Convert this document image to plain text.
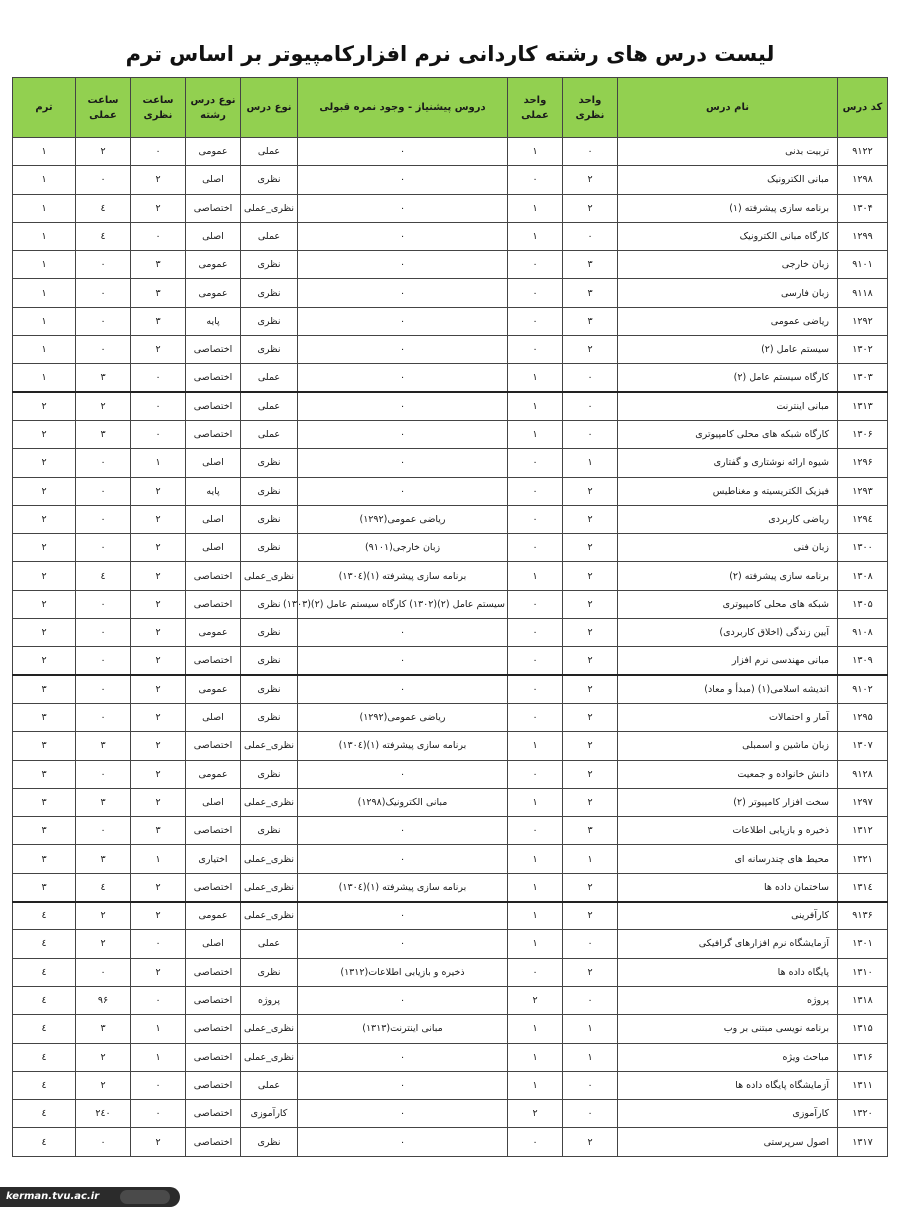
لیست درس های رشته کاردانی نرم افزارکامپیوتر بر اساس ترم
کد درس	نام درس	واحد نظری	واحد عملی	دروس پیشنیاز - وجود نمره قبولی	نوع درس	نوع درس رشته	ساعت نظری	ساعت عملی	ترم
۹۱۲۲	تربیت بدنی	۰	۱	۰	عملی	عمومی	۰	۲	۱
۱۲۹۸	مبانی الکترونیک	۲	۰	۰	نظری	اصلی	۲	۰	۱
۱۳۰۴	برنامه سازی پیشرفته (۱)	۲	۱	۰	نظری_عملی	اختصاصی	۲	٤	۱
۱۲۹۹	کارگاه مبانی الکترونیک	۰	۱	۰	عملی	اصلی	۰	٤	۱
۹۱۰۱	زبان خارجی	۳	۰	۰	نظری	عمومی	۳	۰	۱
۹۱۱۸	زبان فارسی	۳	۰	۰	نظری	عمومی	۳	۰	۱
۱۲۹۲	ریاضی عمومی	۳	۰	۰	نظری	پایه	۳	۰	۱
۱۳۰۲	سیستم عامل (۲)	۲	۰	۰	نظری	اختصاصی	۲	۰	۱
۱۳۰۳	کارگاه سیستم عامل (۲)	۰	۱	۰	عملی	اختصاصی	۰	۳	۱
۱۳۱۳	مبانی اینترنت	۰	۱	۰	عملی	اختصاصی	۰	۲	۲
۱۳۰۶	کارگاه شبکه های محلی کامپیوتری	۰	۱	۰	عملی	اختصاصی	۰	۳	۲
۱۲۹۶	شیوه ارائه نوشتاری و گفتاری	۱	۰	۰	نظری	اصلی	۱	۰	۲
۱۲۹۳	فیزیک الکتریسیته و مغناطیس	۲	۰	۰	نظری	پایه	۲	۰	۲
۱۲۹٤	ریاضی کاربردی	۲	۰	ریاضی عمومی(۱۲۹۲)	نظری	اصلی	۲	۰	۲
۱۳۰۰	زبان فنی	۲	۰	زبان خارجی(۹۱۰۱)	نظری	اصلی	۲	۰	۲
۱۳۰۸	برنامه سازی پیشرفته (۲)	۲	۱	برنامه سازی پیشرفته (۱)(۱۳۰٤)	نظری_عملی	اختصاصی	۲	٤	۲
۱۳۰۵	شبکه های محلی کامپیوتری	۲	۰	سیستم عامل (۲)(۱۳۰۲) کارگاه سیستم عامل (۲)(۱۳۰۳)	نظری	اختصاصی	۲	۰	۲
۹۱۰۸	آیین زندگی (اخلاق کاربردی)	۲	۰	۰	نظری	عمومی	۲	۰	۲
۱۳۰۹	مبانی مهندسی نرم افزار	۲	۰	۰	نظری	اختصاصی	۲	۰	۲
۹۱۰۲	اندیشه اسلامی(۱) (مبدأ و معاد)	۲	۰	۰	نظری	عمومی	۲	۰	۳
۱۲۹۵	آمار و احتمالات	۲	۰	ریاضی عمومی(۱۲۹۲)	نظری	اصلی	۲	۰	۳
۱۳۰۷	زبان ماشین و اسمبلی	۲	۱	برنامه سازی پیشرفته (۱)(۱۳۰٤)	نظری_عملی	اختصاصی	۲	۳	۳
۹۱۲۸	دانش خانواده و جمعیت	۲	۰	۰	نظری	عمومی	۲	۰	۳
۱۲۹۷	سخت افزار کامپیوتر (۲)	۲	۱	مبانی الکترونیک(۱۲۹۸)	نظری_عملی	اصلی	۲	۳	۳
۱۳۱۲	ذخیره و بازیابی اطلاعات	۳	۰	۰	نظری	اختصاصی	۳	۰	۳
۱۳۲۱	محیط های چندرسانه ای	۱	۱	۰	نظری_عملی	اختیاری	۱	۳	۳
۱۳۱٤	ساختمان داده ها	۲	۱	برنامه سازی پیشرفته (۱)(۱۳۰٤)	نظری_عملی	اختصاصی	۲	٤	۳
۹۱۳۶	کارآفرینی	۲	۱	۰	نظری_عملی	عمومی	۲	۲	٤
۱۳۰۱	آزمایشگاه نرم افزارهای گرافیکی	۰	۱	۰	عملی	اصلی	۰	۲	٤
۱۳۱۰	پایگاه داده ها	۲	۰	ذخیره و بازیابی اطلاعات(۱۳۱۲)	نظری	اختصاصی	۲	۰	٤
۱۳۱۸	پروژه	۰	۲	۰	پروژه	اختصاصی	۰	۹۶	٤
۱۳۱۵	برنامه نویسی مبتنی بر وب	۱	۱	مبانی اینترنت(۱۳۱۳)	نظری_عملی	اختصاصی	۱	۳	٤
۱۳۱۶	مباحث ویژه	۱	۱	۰	نظری_عملی	اختصاصی	۱	۲	٤
۱۳۱۱	آزمایشگاه پایگاه داده ها	۰	۱	۰	عملی	اختصاصی	۰	۲	٤
۱۳۲۰	کارآموزی	۰	۲	۰	کارآموزی	اختصاصی	۰	۲٤۰	٤
۱۳۱۷	اصول سرپرستی	۲	۰	۰	نظری	اختصاصی	۲	۰	٤
kerman.tvu.ac.ir
